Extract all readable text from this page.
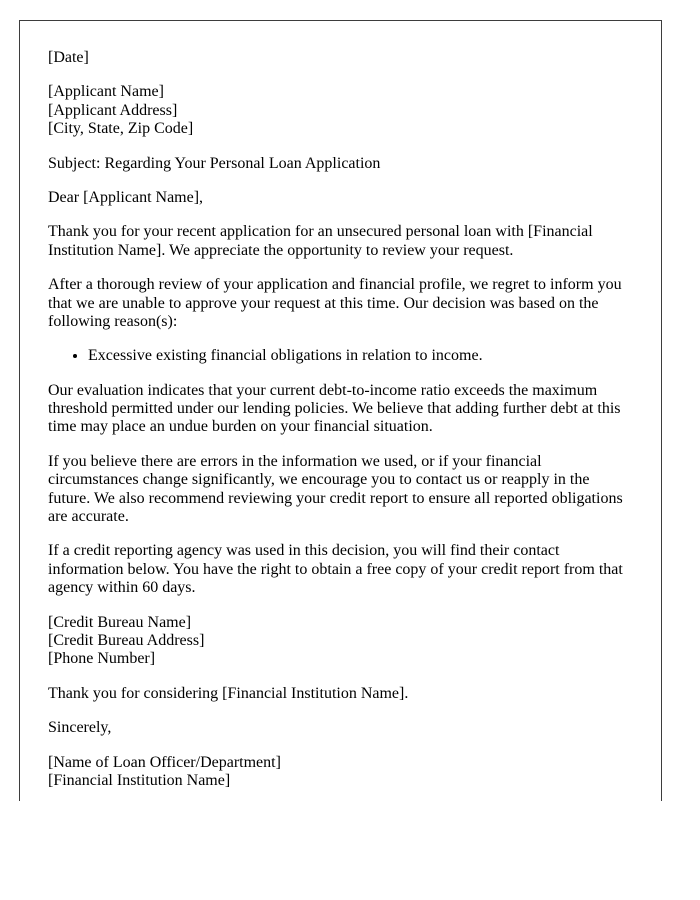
[Date]

[Applicant Name]
[Applicant Address]
[City, State, Zip Code]

Subject: Regarding Your Personal Loan Application

Dear [Applicant Name],

Thank you for your recent application for an unsecured personal loan with [Financial Institution Name]. We appreciate the opportunity to review your request.

After a thorough review of your application and financial profile, we regret to inform you that we are unable to approve your request at this time. Our decision was based on the following reason(s):

• Excessive existing financial obligations in relation to income.

Our evaluation indicates that your current debt-to-income ratio exceeds the maximum threshold permitted under our lending policies. We believe that adding further debt at this time may place an undue burden on your financial situation.

If you believe there are errors in the information we used, or if your financial circumstances change significantly, we encourage you to contact us or reapply in the future. We also recommend reviewing your credit report to ensure all reported obligations are accurate.

If a credit reporting agency was used in this decision, you will find their contact information below. You have the right to obtain a free copy of your credit report from that agency within 60 days.

[Credit Bureau Name]
[Credit Bureau Address]
[Phone Number]

Thank you for considering [Financial Institution Name].

Sincerely,

[Name of Loan Officer/Department]
[Financial Institution Name]
